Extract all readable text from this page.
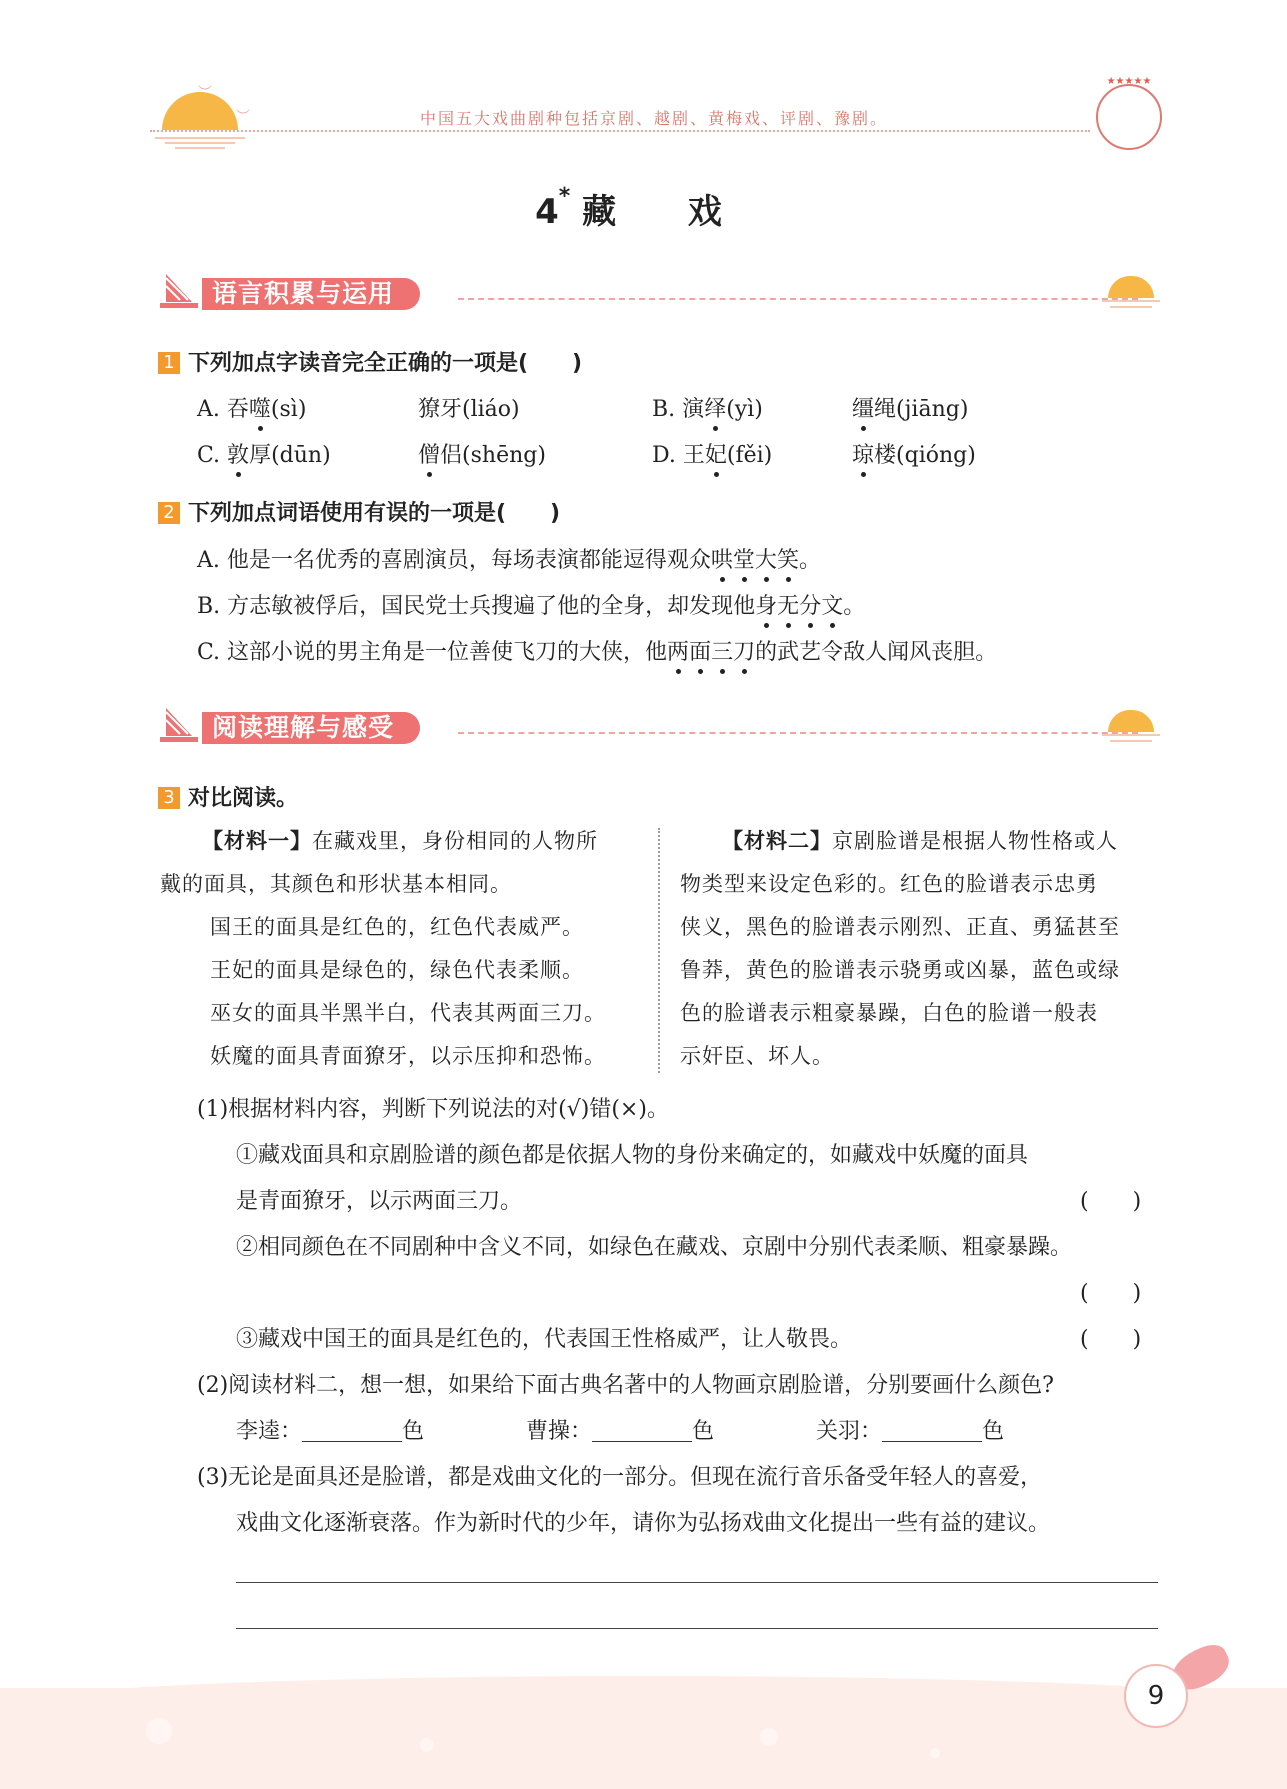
︶
︶	中国五大戏曲剧种包括京剧、越剧、黄梅戏、评剧、豫剧。
★★★★★
4* 藏 戏
语言积累与运用
1 下列加点字读音完全正确的一项是(　　)
A. 吞噬(sì)	獠牙(liáo)	B. 演绎(yì)	缰绳(jiāng)
C. 敦厚(dūn)	僧侣(shēng)	D. 王妃(fěi)	琼楼(qióng)
2 下列加点词语使用有误的一项是(　　)
A. 他是一名优秀的喜剧演员，每场表演都能逗得观众哄堂大笑。
B. 方志敏被俘后，国民党士兵搜遍了他的全身，却发现他身无分文。
C. 这部小说的男主角是一位善使飞刀的大侠，他两面三刀的武艺令敌人闻风丧胆。
阅读理解与感受
3 对比阅读。
【材料一】在藏戏里，身份相同的人物所
戴的面具，其颜色和形状基本相同。
国王的面具是红色的，红色代表威严。
王妃的面具是绿色的，绿色代表柔顺。
巫女的面具半黑半白，代表其两面三刀。
妖魔的面具青面獠牙，以示压抑和恐怖。
【材料二】京剧脸谱是根据人物性格或人
物类型来设定色彩的。红色的脸谱表示忠勇
侠义，黑色的脸谱表示刚烈、正直、勇猛甚至
鲁莽，黄色的脸谱表示骁勇或凶暴，蓝色或绿
色的脸谱表示粗豪暴躁，白色的脸谱一般表
示奸臣、坏人。
(1)根据材料内容，判断下列说法的对(√)错(×)。
①藏戏面具和京剧脸谱的颜色都是依据人物的身份来确定的，如藏戏中妖魔的面具
是青面獠牙，以示两面三刀。	(　　)
②相同颜色在不同剧种中含义不同，如绿色在藏戏、京剧中分别代表柔顺、粗豪暴躁。
(　　)
③藏戏中国王的面具是红色的，代表国王性格威严，让人敬畏。	(　　)
(2)阅读材料二，想一想，如果给下面古典名著中的人物画京剧脸谱，分别要画什么颜色?
李逵：	色	曹操：	色	关羽：	色
(3)无论是面具还是脸谱，都是戏曲文化的一部分。但现在流行音乐备受年轻人的喜爱，
戏曲文化逐渐衰落。作为新时代的少年，请你为弘扬戏曲文化提出一些有益的建议。
9
